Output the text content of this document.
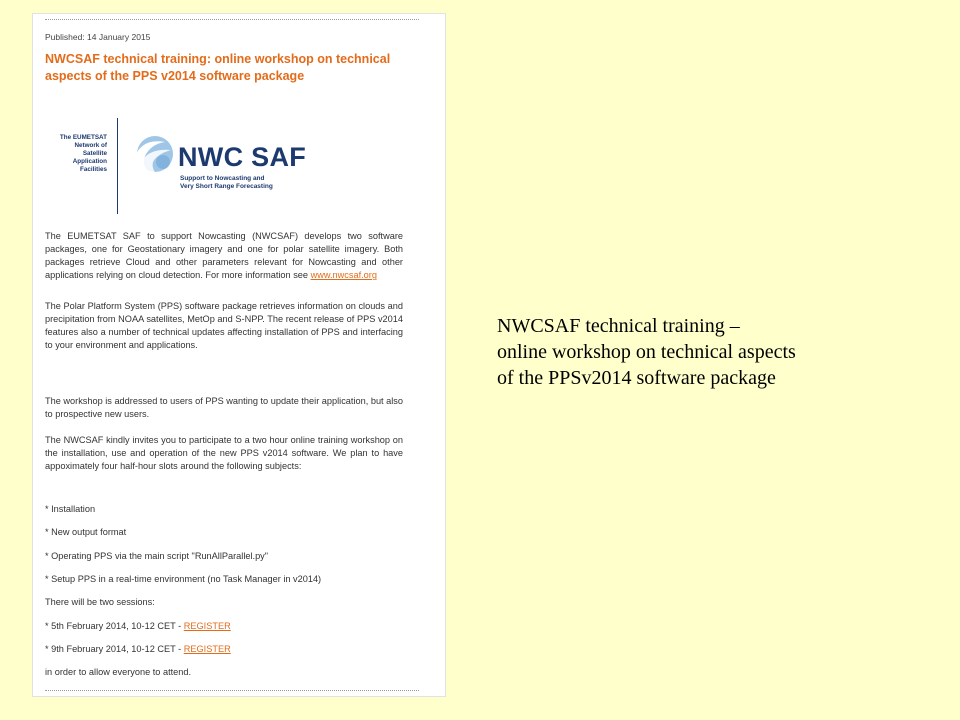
Published: 14 January 2015
NWCSAF technical training: online workshop on technical aspects of the PPS v2014 software package
The EUMETSAT
Network of
Satellite
Application
Facilities	NWC SAF
Support to Nowcasting and
Very Short Range Forecasting

The EUMETSAT SAF to support Nowcasting (NWCSAF) develops two software packages, one for Geostationary imagery and one for polar satellite imagery. Both packages retrieve Cloud and other parameters relevant for Nowcasting and other applications relying on cloud detection. For more information see www.nwcsaf.org

The Polar Platform System (PPS) software package retrieves information on clouds and precipitation from NOAA satellites, MetOp and S-NPP. The recent release of PPS v2014 features also a number of technical updates affecting installation of PPS and interfacing to your environment and applications.

The workshop is addressed to users of PPS wanting to update their application, but also to prospective new users.

The NWCSAF kindly invites you to participate to a two hour online training workshop on the installation, use and operation of the new PPS v2014 software. We plan to have appoximately four half-hour slots around the following subjects:

* Installation
* New output format
* Operating PPS via the main script "RunAllParallel.py"
* Setup PPS in a real-time environment (no Task Manager in v2014)
There will be two sessions:
* 5th February 2014, 10-12 CET - REGISTER
* 9th February 2014, 10-12 CET - REGISTER
in order to allow everyone to attend.
NWCSAF technical training –
online workshop on technical aspects
of the PPSv2014 software package
